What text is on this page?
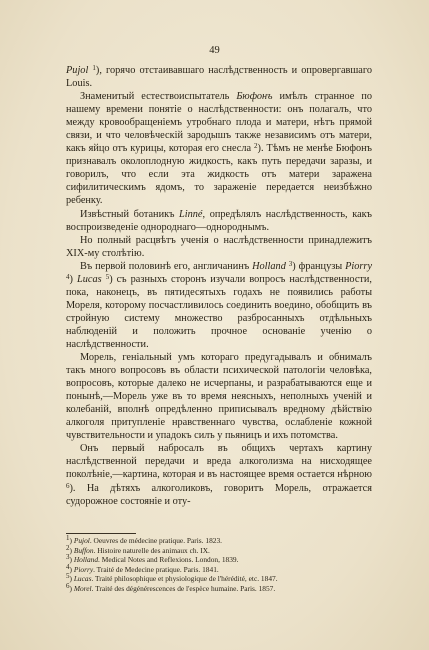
49

Pujol $^1$), горячо отстаивавшаго наслѣдственность и опровергавшаго Louis.

Знаменитый естествоиспытатель Бюфонъ имѣлъ странное по нашему времени понятіе о наслѣдственности: онъ полагалъ, что между кровообращеніемъ утробнаго плода и матери, нѣтъ прямой связи, и что человѣческій зародышъ также независимъ отъ матери, какъ яйцо отъ курицы, которая его снесла $^2$). Тѣмъ не менѣе Бюфонъ признавалъ околоплодную жидкость, какъ путь передачи заразы, и говорилъ, что если эта жидкость отъ матери заражена сифилитическимъ ядомъ, то зараженіе передается неизбѣжно ребенку.

Извѣстный ботаникъ Linné, опредѣлялъ наслѣдственность, какъ воспроизведеніе однороднаго—однороднымъ.

Но полный расцвѣтъ ученія о наслѣдственности принадлежитъ XIX-му столѣтію.

Въ первой половинѣ его, англичанинъ Holland $^3$) французы Piorry $^4$) Lucas $^5$) съ разныхъ сторонъ изучали вопросъ наслѣдственности, пока, наконецъ, въ пятидесятыхъ годахъ не появились работы Мореля, которому посчастливилось соединить воедино, обобщить въ стройную систему множество разбросанныхъ отдѣльныхъ наблюденій и положить прочное основаніе ученію о наслѣдственности.

Морель, геніальный умъ котораго предугадывалъ и обнималъ такъ много вопросовъ въ области психической патологіи человѣка, вопросовъ, которые далеко не исчерпаны, и разрабатываются еще и понынѣ,—Морель уже въ то время неясныхъ, неполныхъ ученій и колебаній, вполнѣ опредѣленно приписывалъ вредному дѣйствію алкоголя притупленіе нравственнаго чувства, ослабленіе кожной чувствительности и упадокъ силъ у пьяницъ и ихъ потомства.

Онъ первый набросалъ въ общихъ чертахъ картину наслѣдственной передачи и вреда алкоголизма на нисходящее поколѣніе,—картина, которая и въ настоящее время остается нѣрною $^6$). На дѣтяхъ алкоголиковъ, говоритъ Морель, отражается судорожное состояніе и оту-

$^1$) Pujol. Oeuvres de médecine pratique. Paris. 1823.
$^2$) Buffon. Histoire naturelle des animaux ch. IX.
$^3$) Holland. Medical Notes and Reflexions. London, 1839.
$^4$) Piorry. Traité de Medecine pratique. Paris. 1841.
$^5$) Lucas. Traité philosophique et physiologique de l'hérédité, etc. 1847.
$^6$) Morel. Traité des dégénérescences de l'espèce humaine. Paris. 1857.
